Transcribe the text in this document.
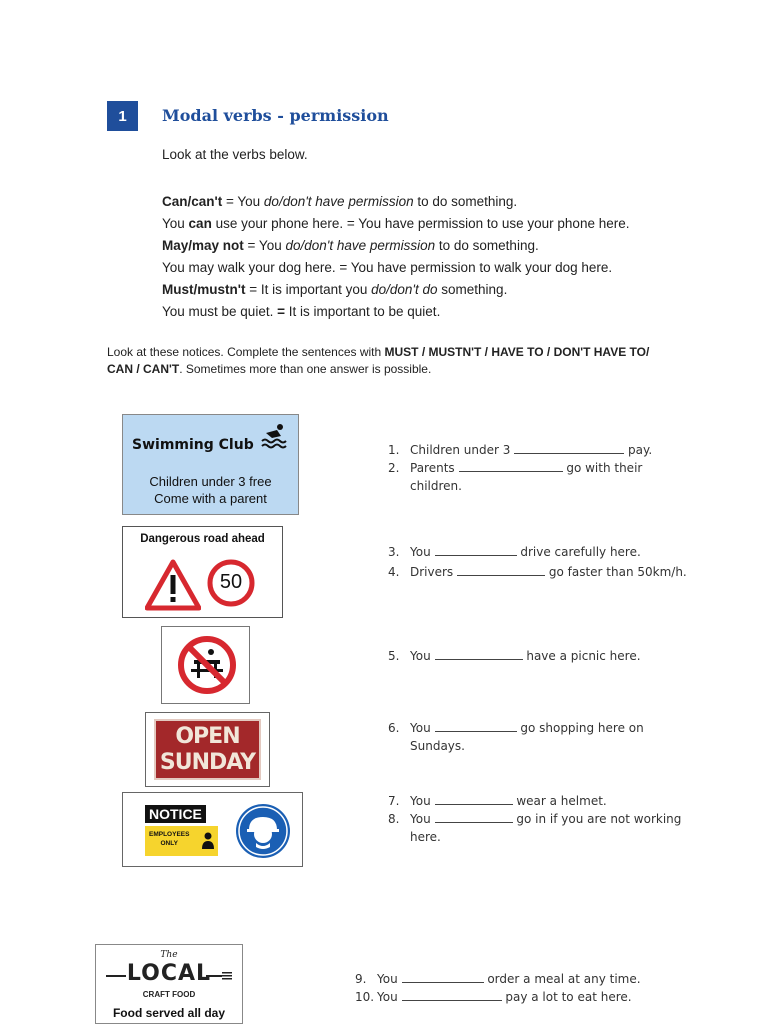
1	Modal verbs - permission
Look at the verbs below.
Can/can't = You do/don't have permission to do something.
You can use your phone here. = You have permission to use your phone here.
May/may not = You do/don't have permission to do something.
You may walk your dog here. = You have permission to walk your dog here.
Must/mustn't = It is important you do/don't do something.
You must be quiet. = It is important to be quiet.
Look at these notices. Complete the sentences with MUST / MUSTN'T / HAVE TO / DON'T HAVE TO/ CAN / CAN'T. Sometimes more than one answer is possible.
Swimming Club
Children under 3 free
Come with a parent
Dangerous road ahead
50
OPEN
SUNDAY
NOTICE
EMPLOYEES
ONLY
The
LOCAL
CRAFT FOOD
Food served all day
1. Children under 3	pay.
2. Parents	go with their
children.
3. You	drive carefully here.
4. Drivers	go faster than 50km/h.
5. You	have a picnic here.
6. You	go shopping here on
Sundays.
7. You	wear a helmet.
8. You	go in if you are not working
here.
9. You	order a meal at any time.
10. You	pay a lot to eat here.
